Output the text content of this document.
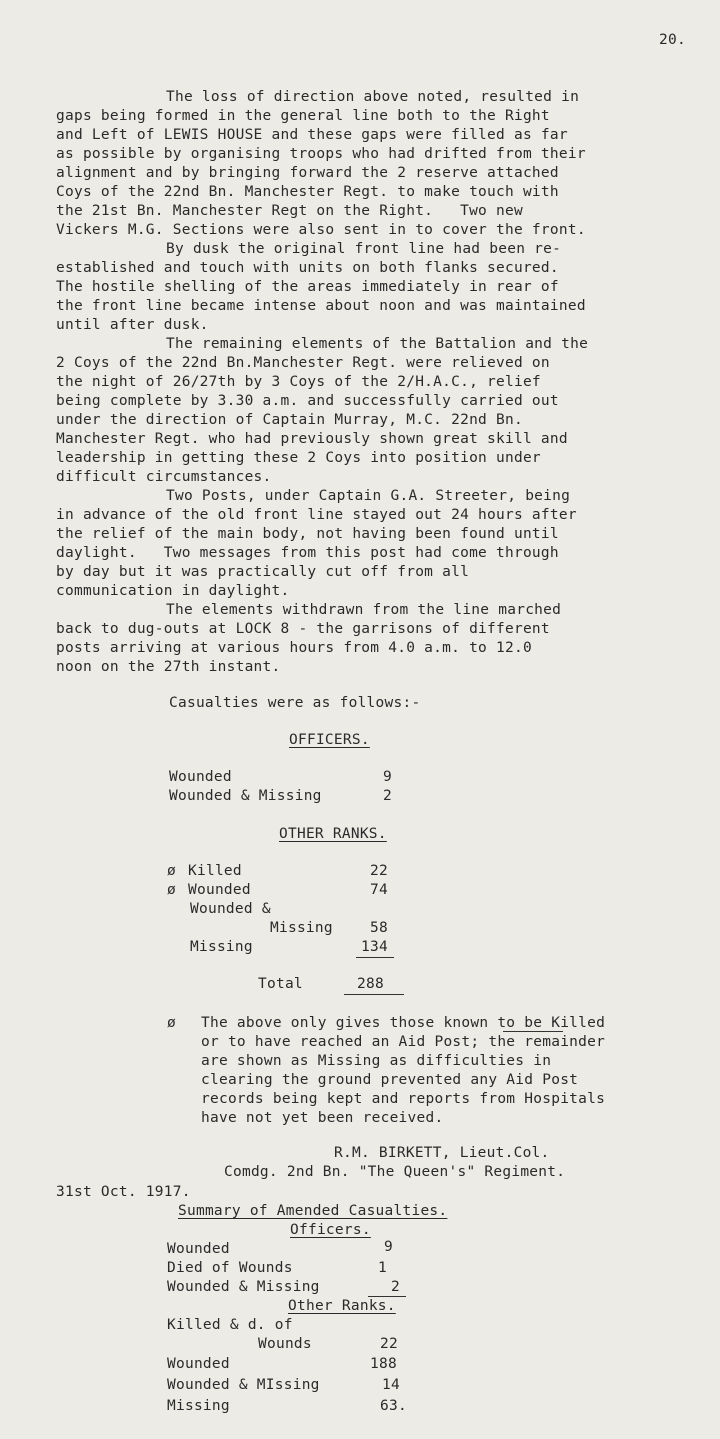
20.
The loss of direction above noted, resulted in
gaps being formed in the general line both to the Right
and Left of LEWIS HOUSE and these gaps were filled as far
as possible by organising troops who had drifted from their
alignment and by bringing forward the 2 reserve attached
Coys of the 22nd Bn. Manchester Regt. to make touch with
the 21st Bn. Manchester Regt on the Right.   Two new
Vickers M.G. Sections were also sent in to cover the front.
By dusk the original front line had been re-
established and touch with units on both flanks secured.
The hostile shelling of the areas immediately in rear of
the front line became intense about noon and was maintained
until after dusk.
The remaining elements of the Battalion and the
2 Coys of the 22nd Bn.Manchester Regt. were relieved on
the night of 26/27th by 3 Coys of the 2/H.A.C., relief
being complete by 3.30 a.m. and successfully carried out
under the direction of Captain Murray, M.C. 22nd Bn.
Manchester Regt. who had previously shown great skill and
leadership in getting these 2 Coys into position under
difficult circumstances.
Two Posts, under Captain G.A. Streeter, being
in advance of the old front line stayed out 24 hours after
the relief of the main body, not having been found until
daylight.   Two messages from this post had come through
by day but it was practically cut off from all
communication in daylight.
The elements withdrawn from the line marched
back to dug-outs at LOCK 8 - the garrisons of different
posts arriving at various hours from 4.0 a.m. to 12.0
noon on the 27th instant.
Casualties were as follows:-
OFFICERS.
Wounded	9
Wounded & Missing	2
OTHER RANKS.
ø Killed	22
ø Wounded	74
Wounded &
Missing	58
Missing	134
Total	288
ø The above only gives those known to be Killed
or to have reached an Aid Post; the remainder
are shown as Missing as difficulties in
clearing the ground prevented any Aid Post
records being kept and reports from Hospitals
have not yet been received.
R.M. BIRKETT, Lieut.Col.
Comdg. 2nd Bn. "The Queen's" Regiment.
31st Oct. 1917.
Summary of Amended Casualties.
Officers.
Wounded	9
Died of Wounds	1
Wounded & Missing	2
Other Ranks.
Killed & d. of
Wounds	22
Wounded	188
Wounded & MIssing	14
Missing	63.
